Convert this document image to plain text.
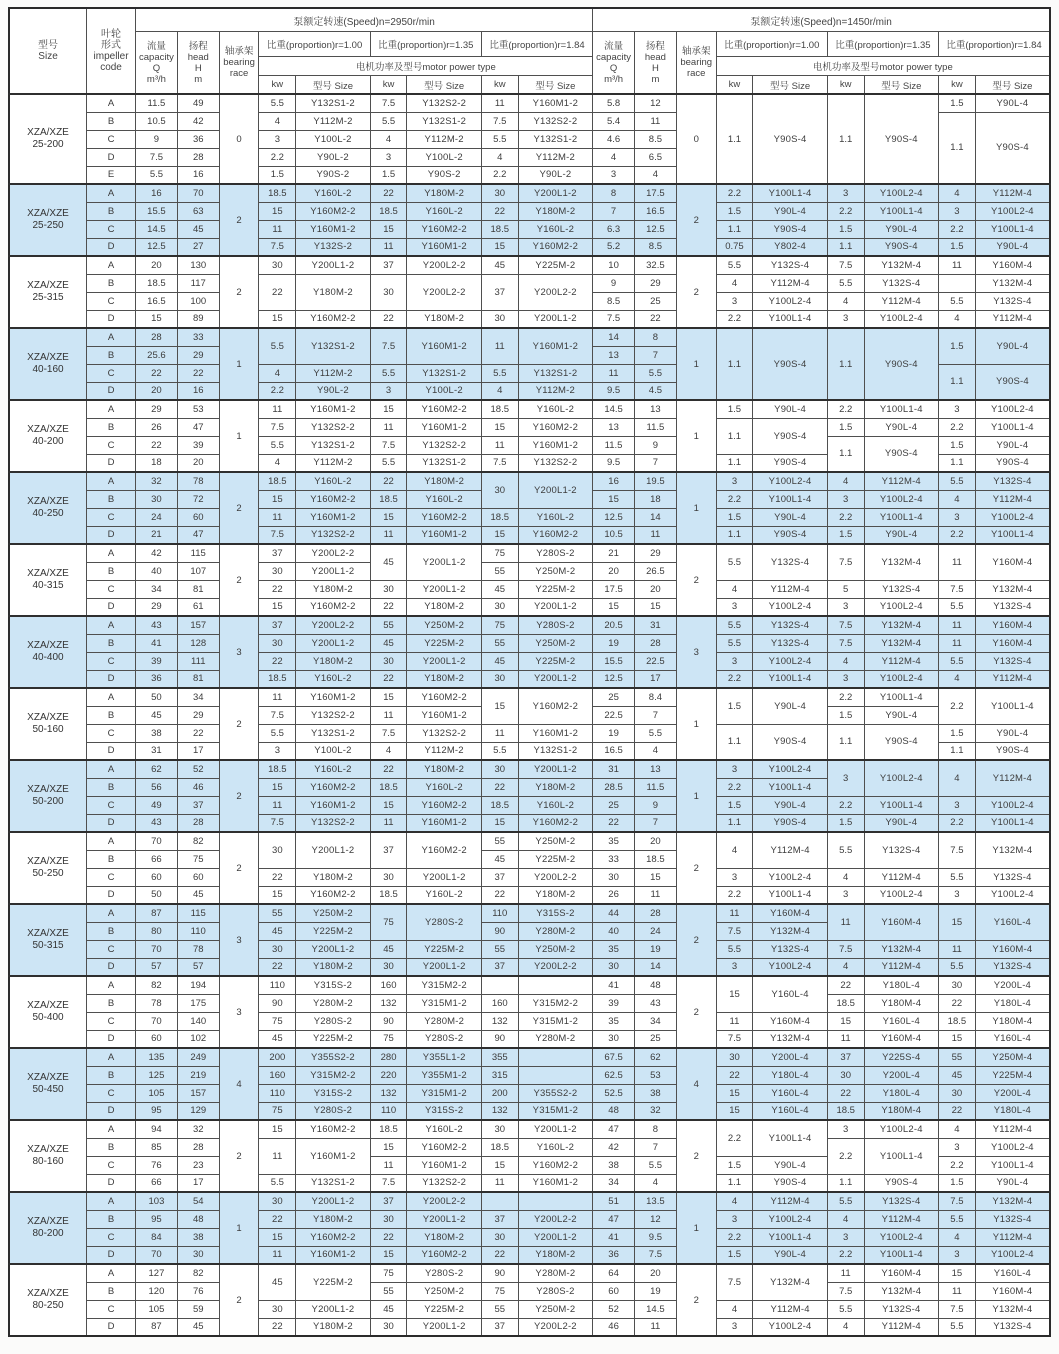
型号
Size	叶轮
形式
impeller
code	泵额定转速(Speed)n=2950r/min									泵额定转速(Speed)n=1450r/min								

		流量
capacity
Q
m³/h	扬程
head
H
m	轴承架
bearing
race	比重(proportion)r=1.00		比重(proportion)r=1.35		比重(proportion)r=1.84		流量
capacity
Q
m³/h	扬程
head
H
m	轴承架
bearing
race	比重(proportion)r=1.00		比重(proportion)r=1.35		比重(proportion)r=1.84	
					电机功率及型号motor power type									电机功率及型号motor power type					
					kw	型号 Size	kw	型号 Size	kw	型号 Size				kw	型号 Size	kw	型号 Size	kw	型号 Size

XZA/XZE
25-200	A	11.5	49	0	5.5	Y132S1-2	7.5	Y132S2-2	11	Y160M1-2	5.8	12	0	1.1	Y90S-4	1.1	Y90S-4	1.5	Y90L-4
	B	10.5	42		4	Y112M-2	5.5	Y132S1-2	7.5	Y132S2-2	5.4	11						1.1	Y90S-4
	C	9	36		3	Y100L-2	4	Y112M-2	5.5	Y132S1-2	4.6	8.5							
	D	7.5	28		2.2	Y90L-2	3	Y100L-2	4	Y112M-2	4	6.5							
	E	5.5	16		1.5	Y90S-2	1.5	Y90S-2	2.2	Y90L-2	3	4							

XZA/XZE
25-250	A	16	70	2	18.5	Y160L-2	22	Y180M-2	30	Y200L1-2	8	17.5	2	2.2	Y100L1-4	3	Y100L2-4	4	Y112M-4
	B	15.5	63		15	Y160M2-2	18.5	Y160L-2	22	Y180M-2	7	16.5		1.5	Y90L-4	2.2	Y100L1-4	3	Y100L2-4
	C	14.5	45		11	Y160M1-2	15	Y160M2-2	18.5	Y160L-2	6.3	12.5		1.1	Y90S-4	1.5	Y90L-4	2.2	Y100L1-4
	D	12.5	27		7.5	Y132S-2	11	Y160M1-2	15	Y160M2-2	5.2	8.5		0.75	Y802-4	1.1	Y90S-4	1.5	Y90L-4

XZA/XZE
25-315	A	20	130	2	30	Y200L1-2	37	Y200L2-2	45	Y225M-2	10	32.5	2	5.5	Y132S-4	7.5	Y132M-4	11	Y160M-4
	B	18.5	117		22	Y180M-2	30	Y200L2-2	37	Y200L2-2	9	29		4	Y112M-4	5.5	Y132S-4		Y132M-4
	C	16.5	100								8.5	25		3	Y100L2-4	4	Y112M-4	5.5	Y132S-4
	D	15	89		15	Y160M2-2	22	Y180M-2	30	Y200L1-2	7.5	22		2.2	Y100L1-4	3	Y100L2-4	4	Y112M-4

XZA/XZE
40-160	A	28	33	1	5.5	Y132S1-2	7.5	Y160M1-2	11	Y160M1-2	14	8	1	1.1	Y90S-4	1.1	Y90S-4	1.5	Y90L-4
	B	25.6	29								13	7							
	C	22	22		4	Y112M-2	5.5	Y132S1-2	5.5	Y132S1-2	11	5.5						1.1	Y90S-4
	D	20	16		2.2	Y90L-2	3	Y100L-2	4	Y112M-2	9.5	4.5							

XZA/XZE
40-200	A	29	53	1	11	Y160M1-2	15	Y160M2-2	18.5	Y160L-2	14.5	13	1	1.5	Y90L-4	2.2	Y100L1-4	3	Y100L2-4
	B	26	47		7.5	Y132S2-2	11	Y160M1-2	15	Y160M2-2	13	11.5		1.1	Y90S-4	1.5	Y90L-4	2.2	Y100L1-4
	C	22	39		5.5	Y132S1-2	7.5	Y132S2-2	11	Y160M1-2	11.5	9				1.1	Y90S-4	1.5	Y90L-4
	D	18	20		4	Y112M-2	5.5	Y132S1-2	7.5	Y132S2-2	9.5	7		1.1	Y90S-4			1.1	Y90S-4

XZA/XZE
40-250	A	32	78	2	18.5	Y160L-2	22	Y180M-2	30	Y200L1-2	16	19.5	1	3	Y100L2-4	4	Y112M-4	5.5	Y132S-4
	B	30	72		15	Y160M2-2	18.5	Y160L-2			15	18		2.2	Y100L1-4	3	Y100L2-4	4	Y112M-4
	C	24	60		11	Y160M1-2	15	Y160M2-2	18.5	Y160L-2	12.5	14		1.5	Y90L-4	2.2	Y100L1-4	3	Y100L2-4
	D	21	47		7.5	Y132S2-2	11	Y160M1-2	15	Y160M2-2	10.5	11		1.1	Y90S-4	1.5	Y90L-4	2.2	Y100L1-4

XZA/XZE
40-315	A	42	115	2	37	Y200L2-2	45	Y200L1-2	75	Y280S-2	21	29	2	5.5	Y132S-4	7.5	Y132M-4	11	Y160M-4
	B	40	107		30	Y200L1-2			55	Y250M-2	20	26.5							
	C	34	81		22	Y180M-2	30	Y200L1-2	45	Y225M-2	17.5	20		4	Y112M-4	5	Y132S-4	7.5	Y132M-4
	D	29	61		15	Y160M2-2	22	Y180M-2	30	Y200L1-2	15	15		3	Y100L2-4	3	Y100L2-4	5.5	Y132S-4

XZA/XZE
40-400	A	43	157	3	37	Y200L2-2	55	Y250M-2	75	Y280S-2	20.5	31	3	5.5	Y132S-4	7.5	Y132M-4	11	Y160M-4
	B	41	128		30	Y200L1-2	45	Y225M-2	55	Y250M-2	19	28		5.5	Y132S-4	7.5	Y132M-4	11	Y160M-4
	C	39	111		22	Y180M-2	30	Y200L1-2	45	Y225M-2	15.5	22.5		3	Y100L2-4	4	Y112M-4	5.5	Y132S-4
	D	36	81		18.5	Y160L-2	22	Y180M-2	30	Y200L1-2	12.5	17		2.2	Y100L1-4	3	Y100L2-4	4	Y112M-4

XZA/XZE
50-160	A	50	34	2	11	Y160M1-2	15	Y160M2-2	15	Y160M2-2	25	8.4	1	1.5	Y90L-4	2.2	Y100L1-4	2.2	Y100L1-4
	B	45	29		7.5	Y132S2-2	11	Y160M1-2			22.5	7				1.5	Y90L-4		
	C	38	22		5.5	Y132S1-2	7.5	Y132S2-2	11	Y160M1-2	19	5.5		1.1	Y90S-4	1.1	Y90S-4	1.5	Y90L-4
	D	31	17		3	Y100L-2	4	Y112M-2	5.5	Y132S1-2	16.5	4						1.1	Y90S-4

XZA/XZE
50-200	A	62	52	2	18.5	Y160L-2	22	Y180M-2	30	Y200L1-2	31	13	1	3	Y100L2-4	3	Y100L2-4	4	Y112M-4
	B	56	46		15	Y160M2-2	18.5	Y160L-2	22	Y180M-2	28.5	11.5		2.2	Y100L1-4				
	C	49	37		11	Y160M1-2	15	Y160M2-2	18.5	Y160L-2	25	9		1.5	Y90L-4	2.2	Y100L1-4	3	Y100L2-4
	D	43	28		7.5	Y132S2-2	11	Y160M1-2	15	Y160M2-2	22	7		1.1	Y90S-4	1.5	Y90L-4	2.2	Y100L1-4

XZA/XZE
50-250	A	70	82	2	30	Y200L1-2	37	Y160M2-2	55	Y250M-2	35	20	2	4	Y112M-4	5.5	Y132S-4	7.5	Y132M-4
	B	66	75						45	Y225M-2	33	18.5							
	C	60	60		22	Y180M-2	30	Y200L1-2	37	Y200L2-2	30	15		3	Y100L2-4	4	Y112M-4	5.5	Y132S-4
	D	50	45		15	Y160M2-2	18.5	Y160L-2	22	Y180M-2	26	11		2.2	Y100L1-4	3	Y100L2-4	3	Y100L2-4

XZA/XZE
50-315	A	87	115	3	55	Y250M-2	75	Y280S-2	110	Y315S-2	44	28	2	11	Y160M-4	11	Y160M-4	15	Y160L-4
	B	80	110		45	Y225M-2			90	Y280M-2	40	24		7.5	Y132M-4				
	C	70	78		30	Y200L1-2	45	Y225M-2	55	Y250M-2	35	19		5.5	Y132S-4	7.5	Y132M-4	11	Y160M-4
	D	57	57		22	Y180M-2	30	Y200L1-2	37	Y200L2-2	30	14		3	Y100L2-4	4	Y112M-4	5.5	Y132S-4

XZA/XZE
50-400	A	82	194	3	110	Y315S-2	160	Y315M2-2			41	48	2	15	Y160L-4	22	Y180L-4	30	Y200L-4
	B	78	175		90	Y280M-2	132	Y315M1-2	160	Y315M2-2	39	43				18.5	Y180M-4	22	Y180L-4
	C	70	140		75	Y280S-2	90	Y280M-2	132	Y315M1-2	35	34		11	Y160M-4	15	Y160L-4	18.5	Y180M-4
	D	60	102		45	Y225M-2	75	Y280S-2	90	Y280M-2	30	25		7.5	Y132M-4	11	Y160M-4	15	Y160L-4

XZA/XZE
50-450	A	135	249	4	200	Y355S2-2	280	Y355L1-2	355		67.5	62	4	30	Y200L-4	37	Y225S-4	55	Y250M-4
	B	125	219		160	Y315M2-2	220	Y355M1-2	315		62.5	53		22	Y180L-4	30	Y200L-4	45	Y225M-4
	C	105	157		110	Y315S-2	132	Y315M1-2	200	Y355S2-2	52.5	38		15	Y160L-4	22	Y180L-4	30	Y200L-4
	D	95	129		75	Y280S-2	110	Y315S-2	132	Y315M1-2	48	32		15	Y160L-4	18.5	Y180M-4	22	Y180L-4

XZA/XZE
80-160	A	94	32	2	15	Y160M2-2	18.5	Y160L-2	30	Y200L1-2	47	8	2	2.2	Y100L1-4	3	Y100L2-4	4	Y112M-4
	B	85	28		11	Y160M1-2	15	Y160M2-2	18.5	Y160L-2	42	7				2.2	Y100L1-4	3	Y100L2-4
	C	76	23				11	Y160M1-2	15	Y160M2-2	38	5.5		1.5	Y90L-4			2.2	Y100L1-4
	D	66	17		5.5	Y132S1-2	7.5	Y132S2-2	11	Y160M1-2	34	4		1.1	Y90S-4	1.1	Y90S-4	1.5	Y90L-4

XZA/XZE
80-200	A	103	54	1	30	Y200L1-2	37	Y200L2-2			51	13.5	1	4	Y112M-4	5.5	Y132S-4	7.5	Y132M-4
	B	95	48		22	Y180M-2	30	Y200L1-2	37	Y200L2-2	47	12		3	Y100L2-4	4	Y112M-4	5.5	Y132S-4
	C	84	38		15	Y160M2-2	22	Y180M-2	30	Y200L1-2	41	9.5		2.2	Y100L1-4	3	Y100L2-4	4	Y112M-4
	D	70	30		11	Y160M1-2	15	Y160M2-2	22	Y180M-2	36	7.5		1.5	Y90L-4	2.2	Y100L1-4	3	Y100L2-4

XZA/XZE
80-250	A	127	82	2	45	Y225M-2	75	Y280S-2	90	Y280M-2	64	20	2	7.5	Y132M-4	11	Y160M-4	15	Y160L-4
	B	120	76				55	Y250M-2	75	Y280S-2	60	19				7.5	Y132M-4	11	Y160M-4
	C	105	59		30	Y200L1-2	45	Y225M-2	55	Y250M-2	52	14.5		4	Y112M-4	5.5	Y132S-4	7.5	Y132M-4
	D	87	45		22	Y180M-2	30	Y200L1-2	37	Y200L2-2	46	11		3	Y100L2-4	4	Y112M-4	5.5	Y132S-4
